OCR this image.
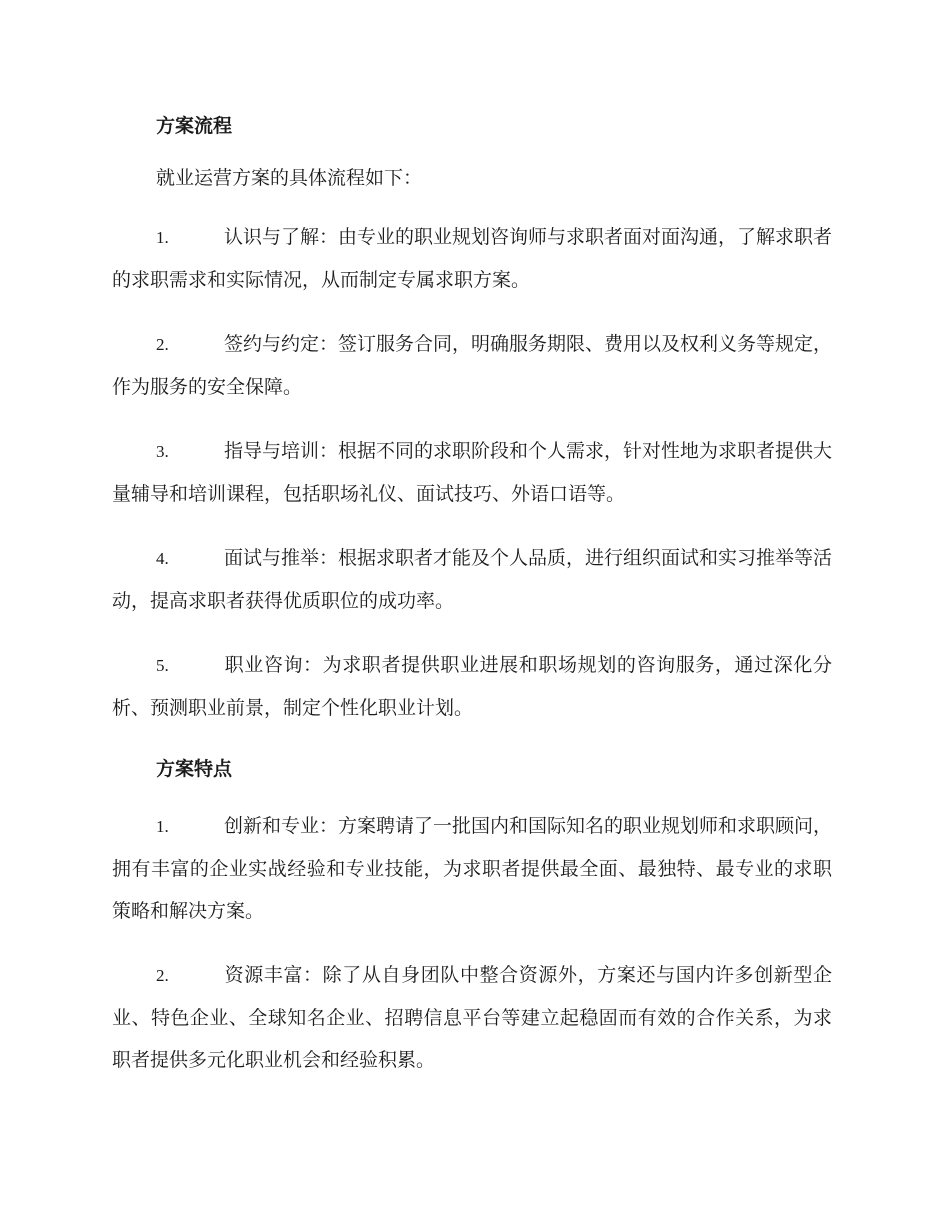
方案流程

就业运营方案的具体流程如下：

1.	认识与了解：由专业的职业规划咨询师与求职者面对面沟通，了解求职者的求职需求和实际情况，从而制定专属求职方案。

2.	签约与约定：签订服务合同，明确服务期限、费用以及权利义务等规定，作为服务的安全保障。

3.	指导与培训：根据不同的求职阶段和个人需求，针对性地为求职者提供大量辅导和培训课程，包括职场礼仪、面试技巧、外语口语等。

4.	面试与推举：根据求职者才能及个人品质，进行组织面试和实习推举等活动，提高求职者获得优质职位的成功率。

5.	职业咨询：为求职者提供职业进展和职场规划的咨询服务，通过深化分析、预测职业前景，制定个性化职业计划。

方案特点

1.	创新和专业：方案聘请了一批国内和国际知名的职业规划师和求职顾问，拥有丰富的企业实战经验和专业技能，为求职者提供最全面、最独特、最专业的求职策略和解决方案。

2.	资源丰富：除了从自身团队中整合资源外，方案还与国内许多创新型企业、特色企业、全球知名企业、招聘信息平台等建立起稳固而有效的合作关系，为求职者提供多元化职业机会和经验积累。
